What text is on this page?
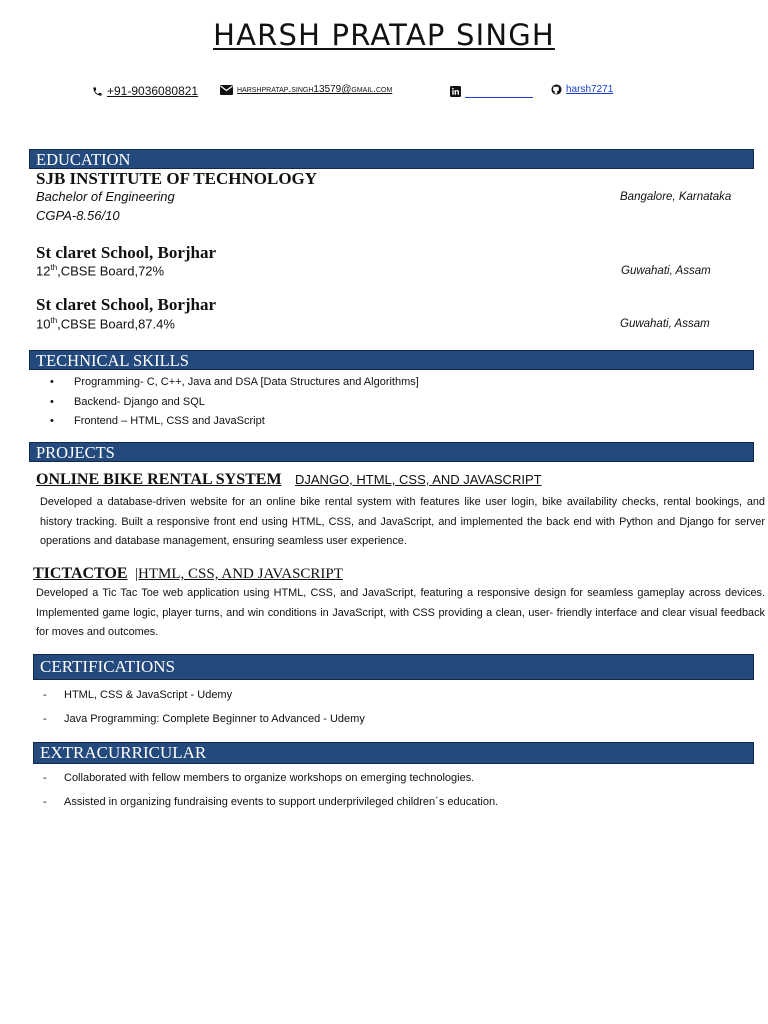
HARSH PRATAP SINGH
+91-9036080821	harshpratap.singh13579@gmail.com	harsh7271
EDUCATION
SJB INSTITUTE OF TECHNOLOGY
Bachelor of Engineering
CGPA-8.56/10
Bangalore, Karnataka
St claret School, Borjhar
12th,CBSE Board,72%	Guwahati, Assam
St claret School, Borjhar
10th,CBSE Board,87.4%	Guwahati, Assam
TECHNICAL SKILLS
• Programming- C, C++, Java and DSA [Data Structures and Algorithms]
• Backend- Django and SQL
• Frontend – HTML, CSS and JavaScript
PROJECTS
ONLINE BIKE RENTAL SYSTEM DJANGO, HTML, CSS, AND JAVASCRIPT
Developed a database-driven website for an online bike rental system with features like user login, bike availability checks, rental bookings, and history tracking. Built a responsive front end using HTML, CSS, and JavaScript, and implemented the back end with Python and Django for server operations and database management, ensuring seamless user experience.
TICTACTOE |HTML, CSS, AND JAVASCRIPT
Developed a Tic Tac Toe web application using HTML, CSS, and JavaScript, featuring a responsive design for seamless gameplay across devices. Implemented game logic, player turns, and win conditions in JavaScript, with CSS providing a clean, user- friendly interface and clear visual feedback for moves and outcomes.
CERTIFICATIONS
- HTML, CSS & JavaScript - Udemy
- Java Programming: Complete Beginner to Advanced - Udemy
EXTRACURRICULAR
- Collaborated with fellow members to organize workshops on emerging technologies.
- Assisted in organizing fundraising events to support underprivileged children´s education.
